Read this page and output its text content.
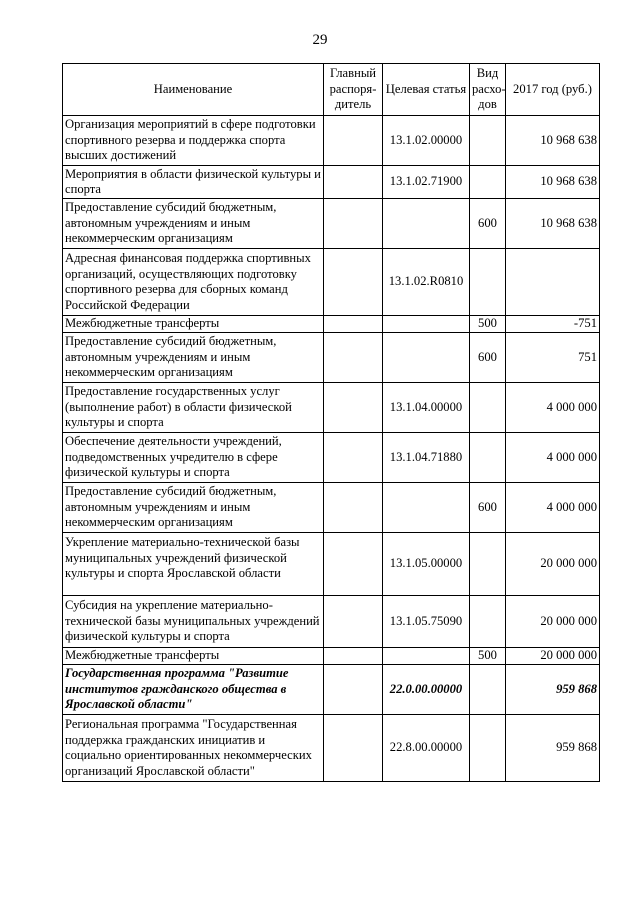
29
Наименование	Главный распоря-дитель	Целевая статья	Вид расхо-дов	2017 год (руб.)
Организация мероприятий в сфере подготовки спортивного резерва и поддержка спорта высших достижений		13.1.02.00000		10 968 638
Мероприятия в области физической культуры и спорта		13.1.02.71900		10 968 638
Предоставление субсидий бюджетным, автономным учреждениям и иным некоммерческим организациям			600	10 968 638
Адресная финансовая поддержка спортивных организаций, осуществляющих подготовку спортивного резерва для сборных команд Российской Федерации		13.1.02.R0810		
Межбюджетные трансферты			500	-751
Предоставление субсидий бюджетным, автономным учреждениям и иным некоммерческим организациям			600	751
Предоставление государственных услуг (выполнение работ) в области физической культуры и спорта		13.1.04.00000		4 000 000
Обеспечение деятельности учреждений, подведомственных учредителю в сфере физической культуры и спорта		13.1.04.71880		4 000 000
Предоставление субсидий бюджетным, автономным учреждениям и иным некоммерческим организациям			600	4 000 000
Укрепление материально-технической базы муниципальных учреждений физической культуры и спорта Ярославской области		13.1.05.00000		20 000 000
Субсидия на укрепление материально-технической базы муниципальных учреждений физической культуры и спорта		13.1.05.75090		20 000 000
Межбюджетные трансферты			500	20 000 000
Государственная программа "Развитие институтов гражданского общества в Ярославской области"		22.0.00.00000		959 868
Региональная программа "Государственная поддержка гражданских инициатив и социально ориентированных некоммерческих организаций Ярославской области"		22.8.00.00000		959 868
